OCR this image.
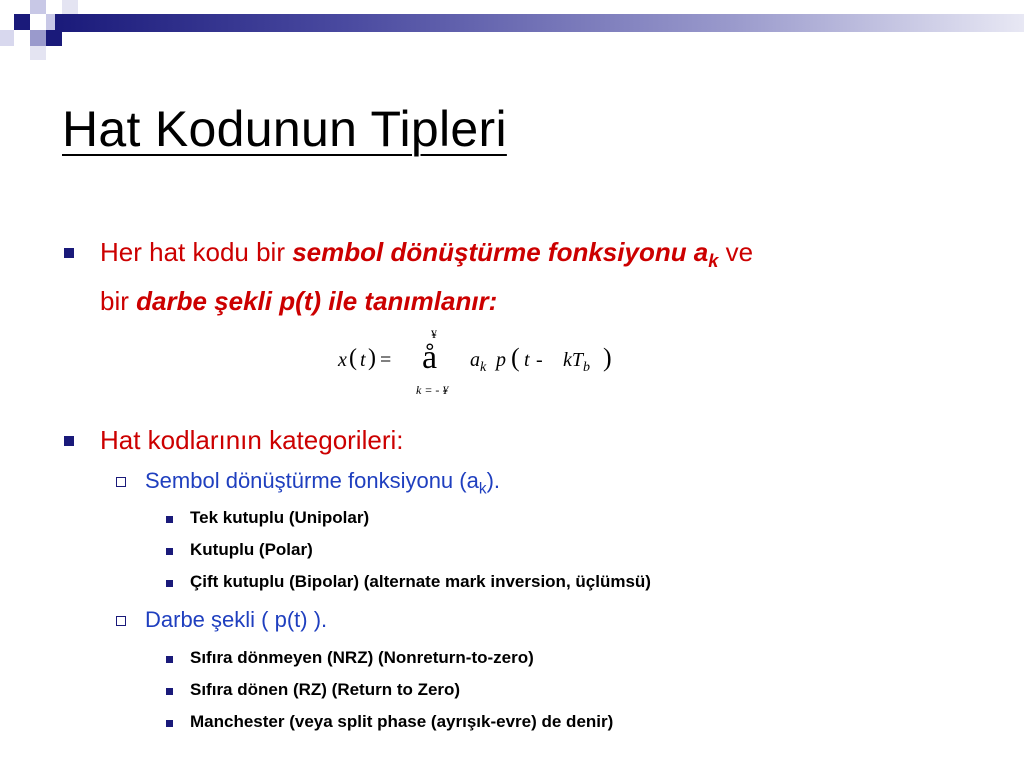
Hat Kodunun Tipleri
Her hat kodu bir sembol dönüştürme fonksiyonu $a_k$ ve
bir darbe şekli p(t) ile tanımlanır:
x ( t ) =
¥
å
k = - ¥
$a_k$ p ( t - $kT_b$ )
Hat kodlarının kategorileri:
Sembol dönüştürme fonksiyonu $(a_k)$.
Tek kutuplu (Unipolar)
Kutuplu (Polar)
Çift kutuplu (Bipolar) (alternate mark inversion, üçlümsü)
Darbe şekli ( p(t) ).
Sıfıra dönmeyen (NRZ) (Nonreturn-to-zero)
Sıfıra dönen (RZ) (Return to Zero)
Manchester (veya split phase (ayrışık-evre) de denir)
